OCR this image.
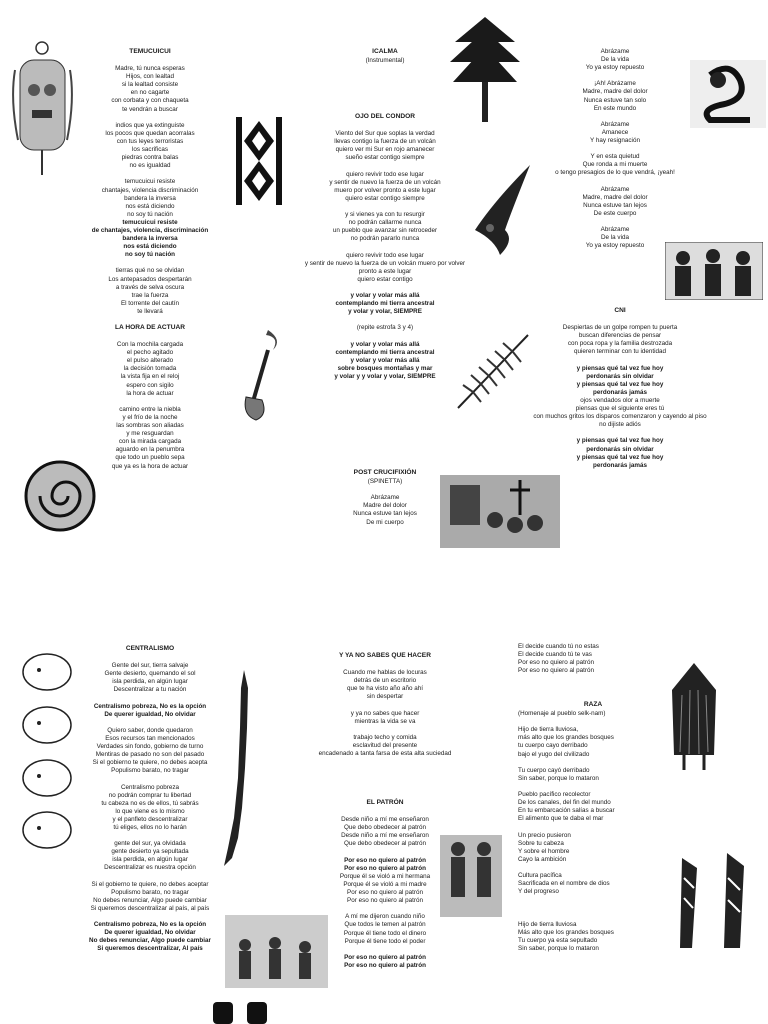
TEMUCUICUI
Madre, tú nunca esperas
Hijos, con lealtad
si la lealtad consiste
en no cagarte
con corbata y con chaqueta
te vendrán a buscar
indios que ya extinguiste
los pocos que quedan acorralas
con tus leyes terroristas
los sacrificas
piedras contra balas
no es igualdad
temucuicui resiste
chantajes, violencia discriminación
bandera la inversa
nos está diciendo
no soy tú nación
temucuicui resiste
de chantajes, violencia, discriminación
bandera la inversa
nos está diciendo
no soy tú nación
tierras qué no se olvidan
Los antepasados despertarán
a través de selva oscura
trae la fuerza
El torrente del cautín
te llevará
LA HORA DE ACTUAR
Con la mochila cargada
el pecho agitado
el pulso alterado
la decisión tomada
la vista fija en el reloj
espero con sigilo
la hora de actuar
camino entre la niebla
y el frío de la noche
las sombras son aliadas
y me resguardan
con la mirada cargada
aguardo en la penumbra
que todo un pueblo sepa
que ya es la hora de actuar
ICALMA
(Instrumental)
OJO DEL CONDOR
Viento del Sur que soplas la verdad
llevas contigo la fuerza de un volcán
quiero ver mi Sur en rojo amanecer
sueño estar contigo siempre
quiero revivir todo ese lugar
y sentir de nuevo la fuerza de un volcán
muero por volver pronto a este lugar
quiero estar contigo siempre
y si vienes ya con tu resurgir
no podrán callarme nunca
un pueblo que avanzar sin retroceder
no podrán pararlo nunca
quiero revivir todo ese lugar
y sentir de nuevo la fuerza de un volcán muero por volver
pronto a este lugar
quiero estar contigo
y volar y volar más allá
contemplando mi tierra ancestral
y volar y volar, SIEMPRE
(repite estrofa 3 y 4)
y volar y volar más allá
contemplando mi tierra ancestral
y volar y volar más allá
sobre bosques montañas y mar
y volar y y volar y volar, SIEMPRE
POST CRUCIFIXIÓN
(SPINETTA)
Abrázame
Madre del dolor
Nunca estuve tan lejos
De mi cuerpo
Abrázame
De la vida
Yo ya estoy repuesto
¡Ah! Abrázame
Madre, madre del dolor
Nunca estuve tan solo
En este mundo
Abrázame
Amanece
Y hay resignación
Y en esta quietud
Que ronda a mi muerte
o tengo presagios de lo que vendrá, ¡yeah!
Abrázame
Madre, madre del dolor
Nunca estuve tan lejos
De este cuerpo
Abrázame
De la vida
Yo ya estoy repuesto
CNI
Despiertas de un golpe rompen tu puerta
buscan diferencias de pensar
con poca ropa y la familia destrozada
quieren terminar con tu identidad
y piensas qué tal vez fue hoy
perdonarás sin olvidar
y piensas qué tal vez fue hoy
perdonarás jamás
ojos vendados olor a muerte
piensas que el siguiente eres tú
con muchos gritos los disparos comenzaron y cayendo al piso
no dijiste adiós
y piensas qué tal vez fue hoy
perdonarás sin olvidar
y piensas qué tal vez fue hoy
perdonarás jamás
CENTRALISMO
Gente del sur, tierra salvaje
Gente desierto, quemando el sol
isla perdida, en algún lugar
Descentralizar a tu nación
Centralismo pobreza, No es la opción
De querer igualdad, No olvidar
Quiero saber, donde quedaron
Esos recursos tan mencionados
Verdades sin fondo, gobierno de turno
Mentiras de pasado no son del pasado
Si el gobierno te quiere, no debes acepta
Populismo barato, no tragar
Centralismo pobreza
no podrán comprar tu libertad
tu cabeza no es de ellos, tú sabrás
lo que viene es lo mismo
y el panfleto descentralizar
tú eliges, ellos no lo harán
gente del sur, ya olvidada
gente desierto ya sepultada
isla perdida, en algún lugar
Descentralizar es nuestra opción
Si el gobierno te quiere, no debes aceptar
Populismo barato, no tragar
No debes renunciar, Algo puede cambiar
Si queremos descentralizar al país, al país
Centralismo pobreza, No es la opción
De querer igualdad, No olvidar
No debes renunciar, Algo puede cambiar
Si queremos descentralizar, Al país
Y YA NO SABES QUE HACER
Cuando me hablas de locuras
detrás de un escritorio
que te ha visto año año ahí
sin despertar
y ya no sabes que hacer
mientras la vida se va
trabajo techo y comida
esclavitud del presente
encadenado a tanta farsa de esta alta suciedad
EL PATRÓN
Desde niño a mí me enseñaron
Que debo obedecer al patrón
Desde niño a mí me enseñaron
Que debo obedecer al patrón
Por eso no quiero al patrón
Por eso no quiero al patrón
Porque él se violó a mi hermana
Porque él se violó a mi madre
Por eso no quiero al patrón
Por eso no quiero al patrón
A mí me dijeron cuando niño
Que todos le temen al patrón
Porque él tiene todo el dinero
Porque él tiene todo el poder
Por eso no quiero al patrón
Por eso no quiero al patrón
El decide cuando tú no estas
El decide cuando tú te vas
Por eso no quiero al patrón
Por eso no quiero al patrón
RAZA
(Homenaje al pueblo selk-nam)
Hijo de tierra lluviosa,
más alto que los grandes bosques
tu cuerpo cayo derribado
bajo el yugo del civilizado
Tu cuerpo cayó derribado
Sin saber, porque lo mataron
Pueblo pacífico recolector
De los canales, del fin del mundo
En tu embarcación salías a buscar
El alimento que te daba el mar
Un precio pusieron
Sobre tu cabeza
Y sobre el hombre
Cayo la ambición
Cultura pacífica
Sacrificada en el nombre de dios
Y del progreso
Hijo de tierra lluviosa
Más alto que los grandes bosques
Tu cuerpo ya esta sepultado
Sin saber, porque lo mataron
